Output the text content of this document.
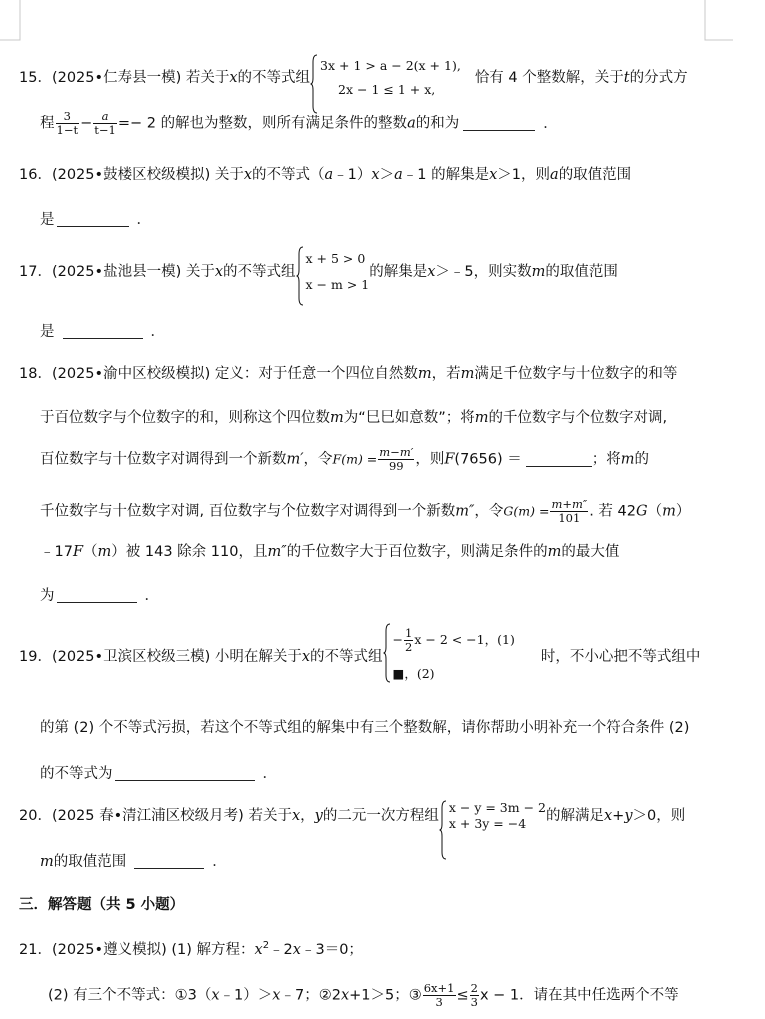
15．(2025•仁寿县一模) 若关于x的不等式组
3x + 1 > a − 2(x + 1),
2x − 1 ≤ 1 + x,
恰有 4 个整数解，关于t的分式方
程 $\frac{3}{1-t} - \frac{a}{t-1} =- 2$ 的解也为整数，则所有满足条件的整数a的和为	．
16．(2025•鼓楼区校级模拟) 关于x的不等式（a﹣1）x＞a﹣1 的解集是x＞1，则a的取值范围
是	．
17．(2025•盐池县一模) 关于x的不等式组
x + 5 > 0
x − m > 1
的解集是x＞﹣5，则实数m的取值范围
是	．
18．(2025•渝中区校级模拟) 定义：对于任意一个四位自然数m，若m满足千位数字与十位数字的和等
于百位数字与个位数字的和，则称这个四位数m为“巳巳如意数”；将m的千位数字与个位数字对调,
百位数字与十位数字对调得到一个新数m′，令$F(m) = \frac{m-m'}{99}$ ，则F(7656) ＝	；将m的
千位数字与十位数字对调, 百位数字与个位数字对调得到一个新数m″，令$G(m) = \frac{m+m''}{101}$ . 若 42G（m）
﹣17F（m）被 143 除余 110，且m″的千位数字大于百位数字，则满足条件的m的最大值
为	．
19．(2025•卫滨区校级三模) 小明在解关于x的不等式组
− $\frac{1}{2}$ x − 2 < −1，(1)
■，(2)
时，不小心把不等式组中
的第 (2) 个不等式污损，若这个不等式组的解集中有三个整数解，请你帮助小明补充一个符合条件 (2)
的不等式为	．
20．(2025 春•清江浦区校级月考) 若关于x，y的二元一次方程组
x − y = 3m − 2
x + 3y = −4	的解满足x+y＞0，则
m的取值范围	．
三．解答题（共 5 小题）
21．(2025•遵义模拟) (1) 解方程：$x^2﹣2x﹣3=0$；
(2) 有三个不等式：①3（x﹣1）＞x﹣7；②2x+1＞5；③ $\frac{6x+1}{3} \le \frac{2}{3}$ x − 1．请在其中任选两个不等
